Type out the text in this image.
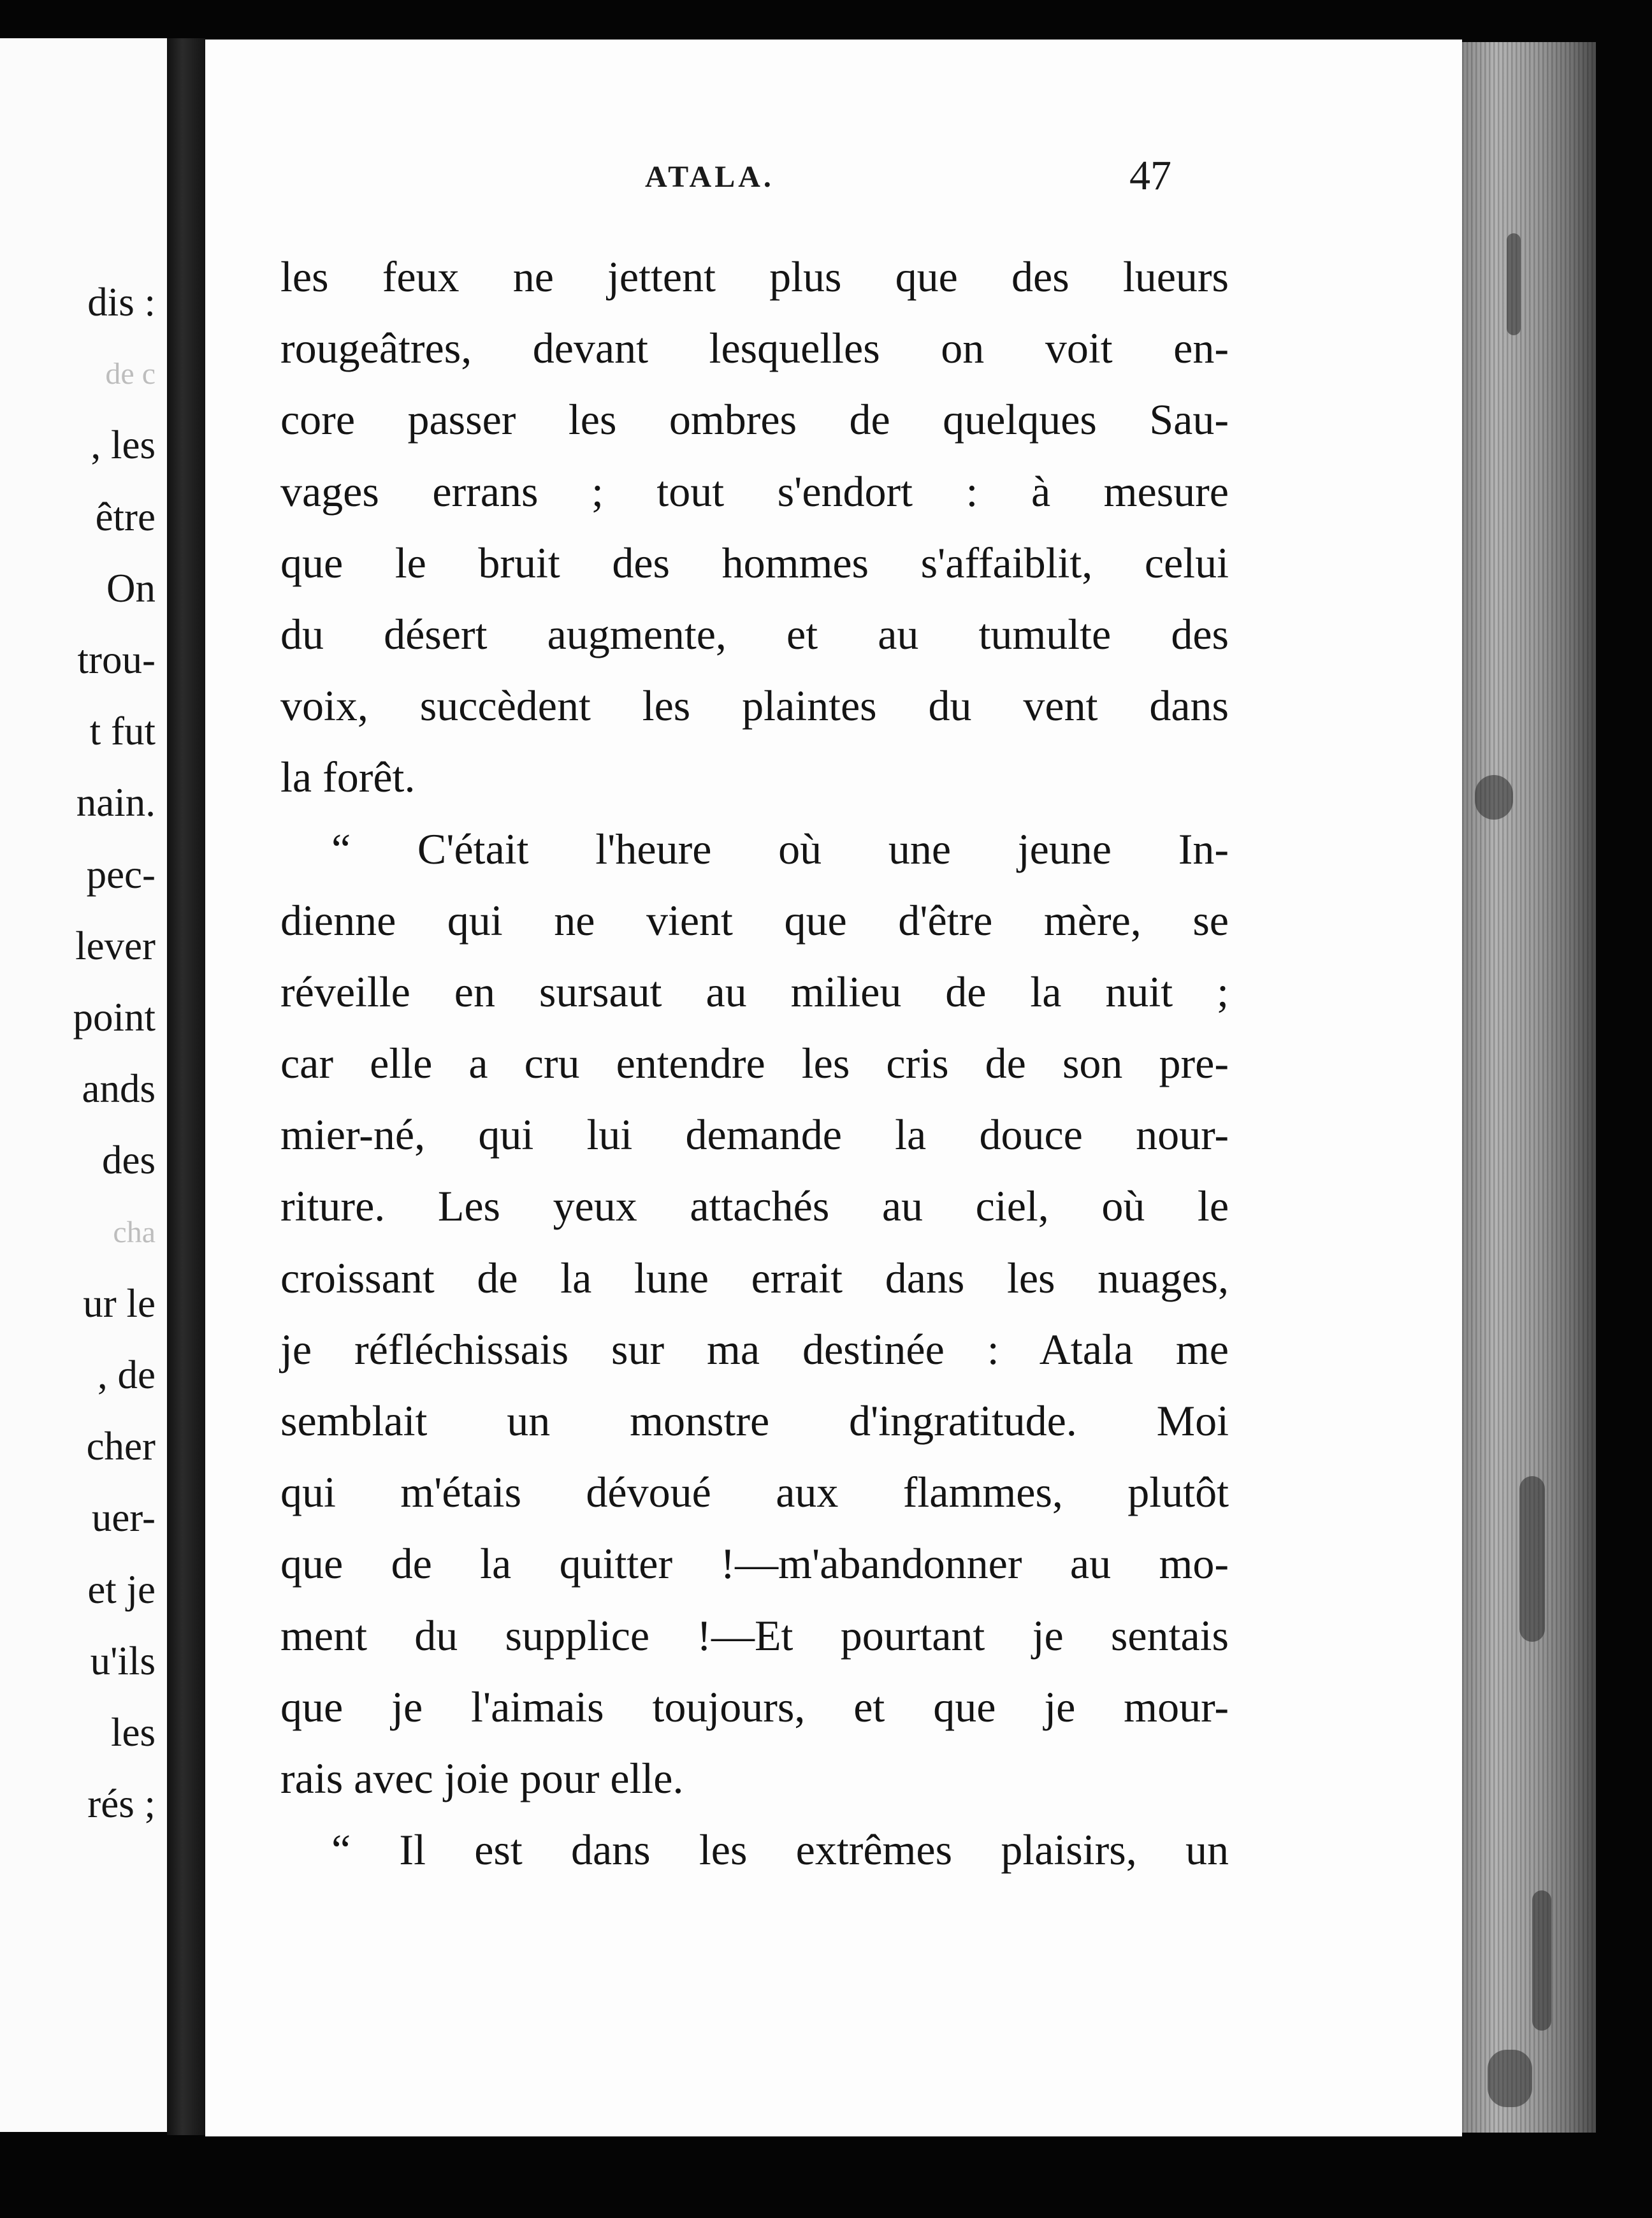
dis :
de c
, les
être
On
trou-
t fut
nain.
pec-
lever
point
ands
des
cha
ur le
, de
cher
uer-
et je
u'ils
les
rés ;
ATALA.	47
les feux ne jettent plus que des lueurs
rougeâtres, devant lesquelles on voit en-
core passer les ombres de quelques Sau-
vages errans ; tout s'endort : à mesure
que le bruit des hommes s'affaiblit, celui
du désert augmente, et au tumulte des
voix, succèdent les plaintes du vent dans
la forêt.
“ C'était l'heure où une jeune In-
dienne qui ne vient que d'être mère, se
réveille en sursaut au milieu de la nuit ;
car elle a cru entendre les cris de son pre-
mier-né, qui lui demande la douce nour-
riture. Les yeux attachés au ciel, où le
croissant de la lune errait dans les nuages,
je réfléchissais sur ma destinée : Atala me
semblait un monstre d'ingratitude. Moi
qui m'étais dévoué aux flammes, plutôt
que de la quitter !—m'abandonner au mo-
ment du supplice !—Et pourtant je sentais
que je l'aimais toujours, et que je mour-
rais avec joie pour elle.
“ Il est dans les extrêmes plaisirs, un
